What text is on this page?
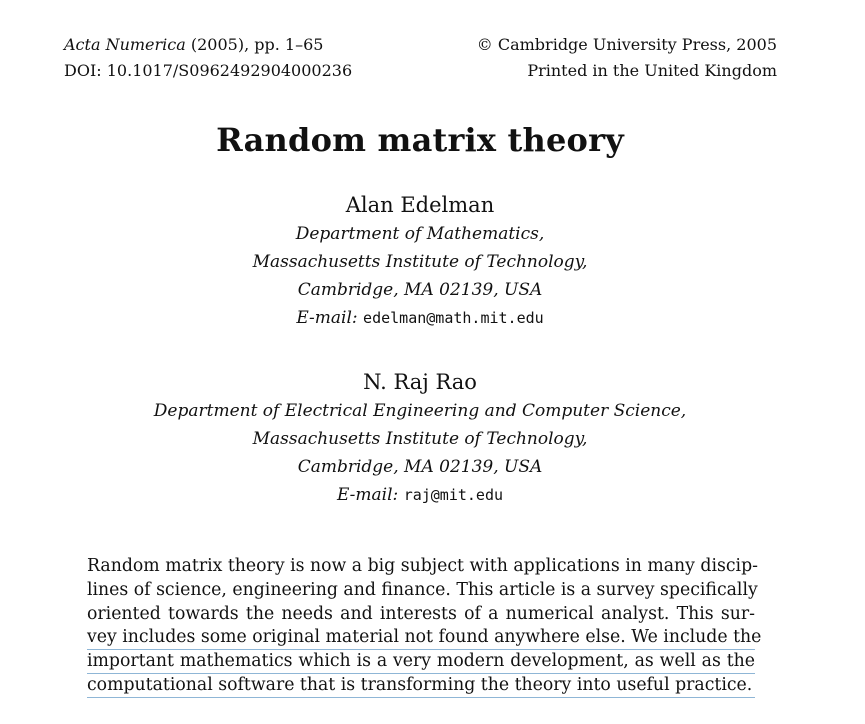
Acta Numerica (2005), pp. 1–65
DOI: 10.1017/S0962492904000236
© Cambridge University Press, 2005
Printed in the United Kingdom
Random matrix theory
Alan Edelman
Department of Mathematics,
Massachusetts Institute of Technology,
Cambridge, MA 02139, USA
E-mail: edelman@math.mit.edu
N. Raj Rao
Department of Electrical Engineering and Computer Science,
Massachusetts Institute of Technology,
Cambridge, MA 02139, USA
E-mail: raj@mit.edu
Random matrix theory is now a big subject with applications in many discip-
lines of science, engineering and finance. This article is a survey specifically
oriented towards the needs and interests of a numerical analyst. This sur-
vey includes some original material not found anywhere else. We include the
important mathematics which is a very modern development, as well as the
computational software that is transforming the theory into useful practice.
